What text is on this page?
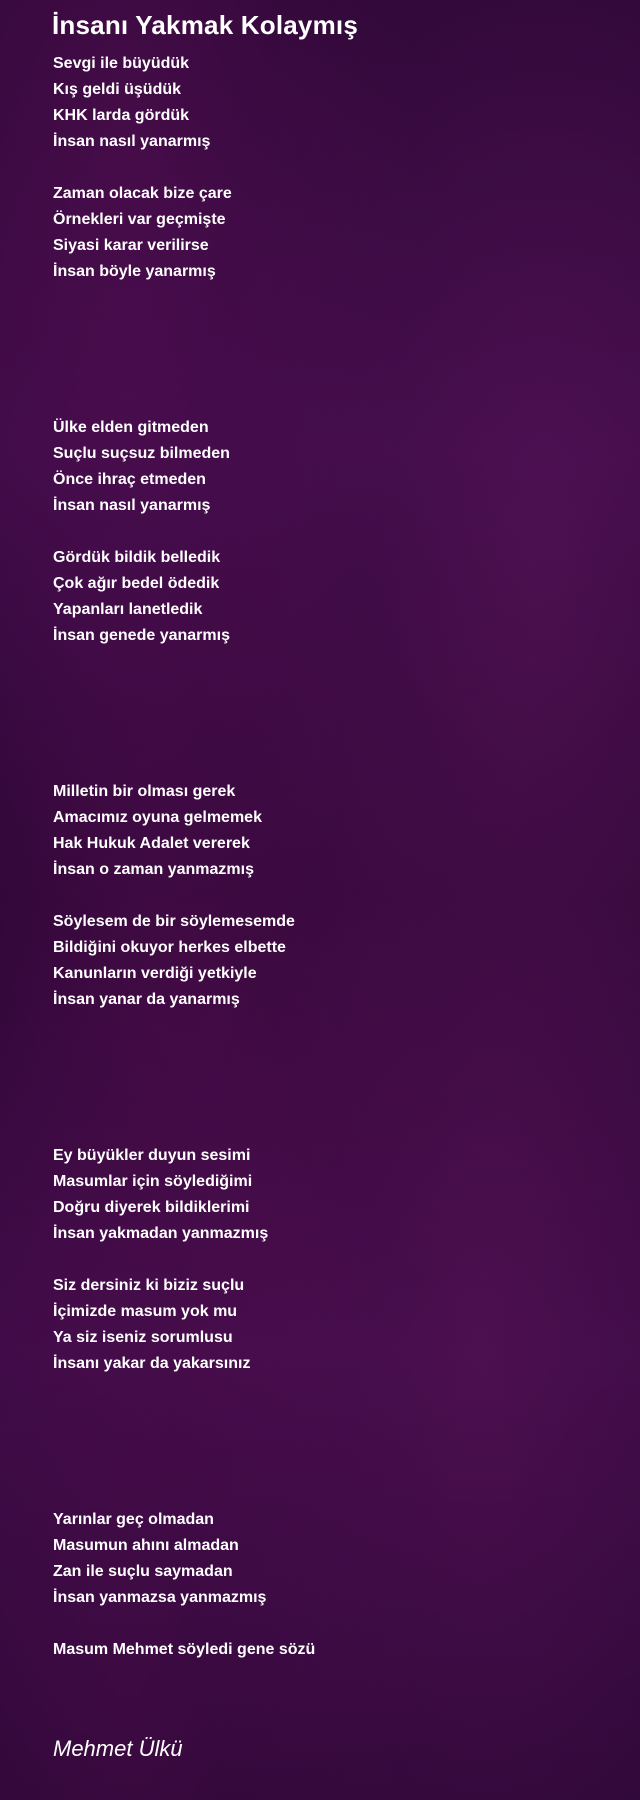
İnsanı Yakmak Kolaymış

Sevgi ile büyüdük
Kış geldi üşüdük
KHK larda gördük
İnsan nasıl yanarmış

Zaman olacak bize çare
Örnekleri var geçmişte
Siyasi karar verilirse
İnsan böyle yanarmış

Ülke elden gitmeden
Suçlu suçsuz bilmeden
Önce ihraç etmeden
İnsan nasıl yanarmış

Gördük bildik belledik
Çok ağır bedel ödedik
Yapanları lanetledik
İnsan genede yanarmış

Milletin bir olması gerek
Amacımız oyuna gelmemek
Hak Hukuk Adalet vererek
İnsan o zaman yanmazmış

Söylesem de bir söylemesemde
Bildiğini okuyor herkes elbette
Kanunların verdiği yetkiyle
İnsan yanar da yanarmış

Ey büyükler duyun sesimi
Masumlar için söylediğimi
Doğru diyerek bildiklerimi
İnsan yakmadan yanmazmış

Siz dersiniz ki biziz suçlu
İçimizde masum yok mu
Ya siz iseniz sorumlusu
İnsanı yakar da yakarsınız

Yarınlar geç olmadan
Masumun ahını almadan
Zan ile suçlu saymadan
İnsan yanmazsa yanmazmış

Masum Mehmet söyledi gene sözü

Mehmet Ülkü
